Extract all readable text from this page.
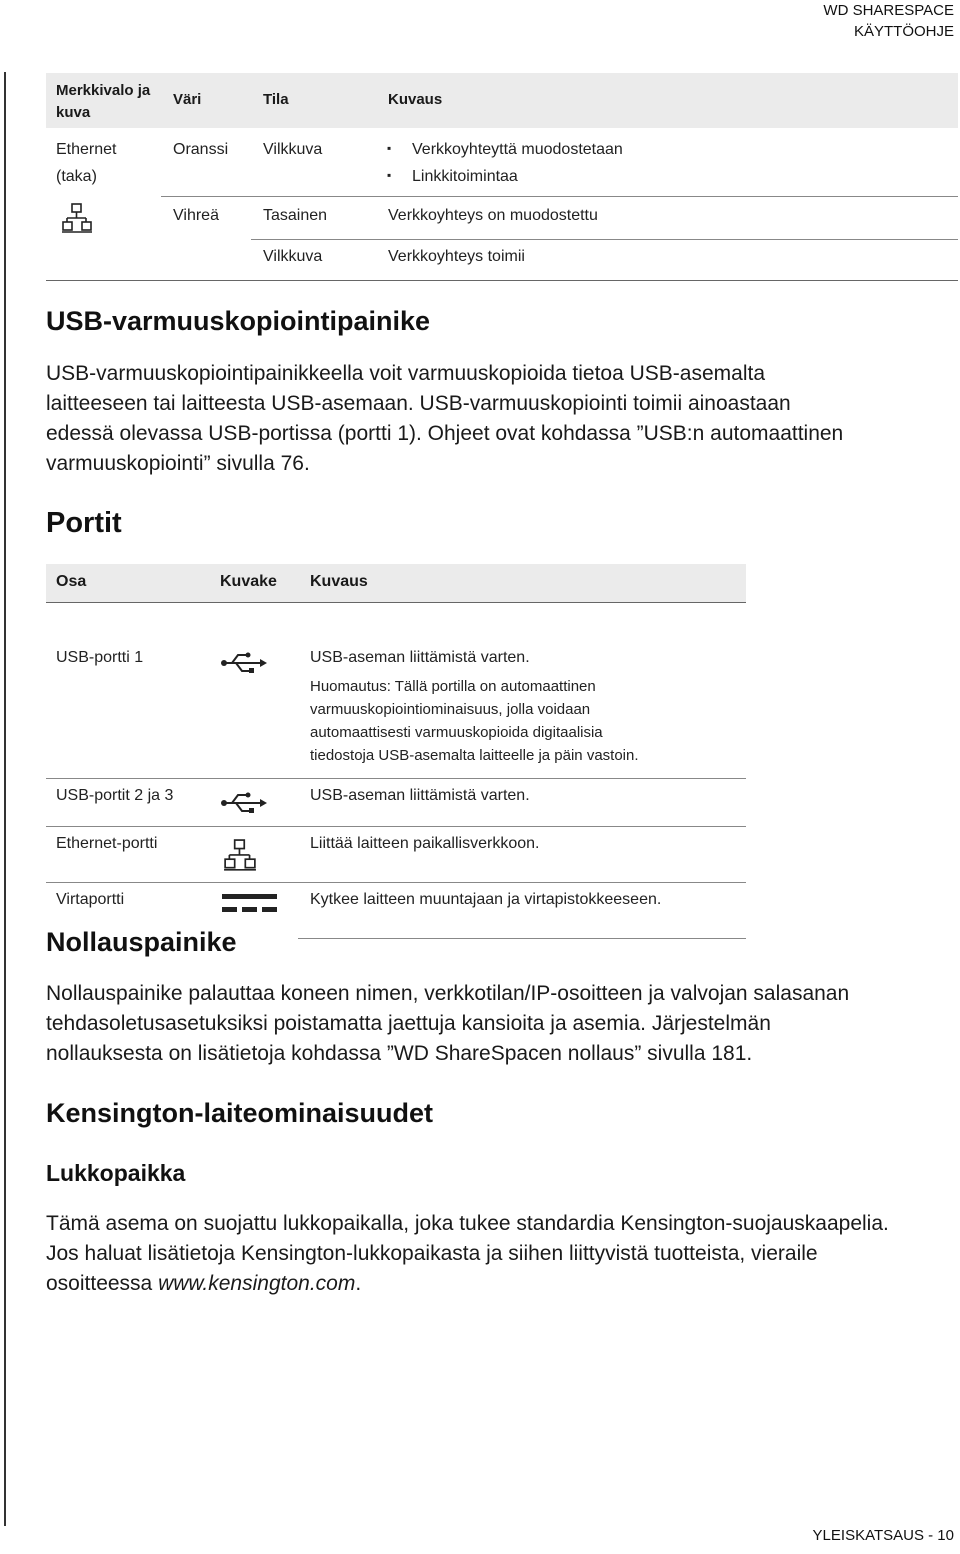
WD SHARESPACE
KÄYTTÖOHJE
Merkkivalo ja kuva
Väri	Tila	Kuvaus
Ethernet
(taka)
Oranssi Vilkkuva
▪	Verkkoyhteyttä muodostetaan
▪ Linkkitoimintaa
Vihreä	Tasainen	Verkkoyhteys on muodostettu
Vilkkuva	Verkkoyhteys toimii
USB-varmuuskopiointipainike
USB-varmuuskopiointipainikkeella voit varmuuskopioida tietoa USB-asemalta
laitteeseen tai laitteesta USB-asemaan. USB-varmuuskopiointi toimii ainoastaan
edessä olevassa USB-portissa (portti 1). Ohjeet ovat kohdassa ”USB:n automaattinen
varmuuskopiointi” sivulla 76.
Portit
Osa	Kuvake Kuvaus
USB-portti 1	USB-aseman liittämistä varten.
Huomautus: Tällä portilla on automaattinen
varmuuskopiointiominaisuus, jolla voidaan
automaattisesti varmuuskopioida digitaalisia
tiedostoja USB-asemalta laitteelle ja päin vastoin.
USB-portit 2 ja 3	USB-aseman liittämistä varten.
Ethernet-portti	Liittää laitteen paikallisverkkoon.
Virtaportti	Kytkee laitteen muuntajaan ja virtapistokkeeseen.
Nollauspainike
Nollauspainike palauttaa koneen nimen, verkkotilan/IP-osoitteen ja valvojan salasanan
tehdasoletusasetuksiksi poistamatta jaettuja kansioita ja asemia. Järjestelmän
nollauksesta on lisätietoja kohdassa ”WD ShareSpacen nollaus” sivulla 181.
Kensington-laiteominaisuudet
Lukkopaikka
Tämä asema on suojattu lukkopaikalla, joka tukee standardia Kensington-suojauskaapelia.
Jos haluat lisätietoja Kensington-lukkopaikasta ja siihen liittyvistä tuotteista, vieraile
osoitteessa www.kensington.com.
YLEISKATSAUS - 10
